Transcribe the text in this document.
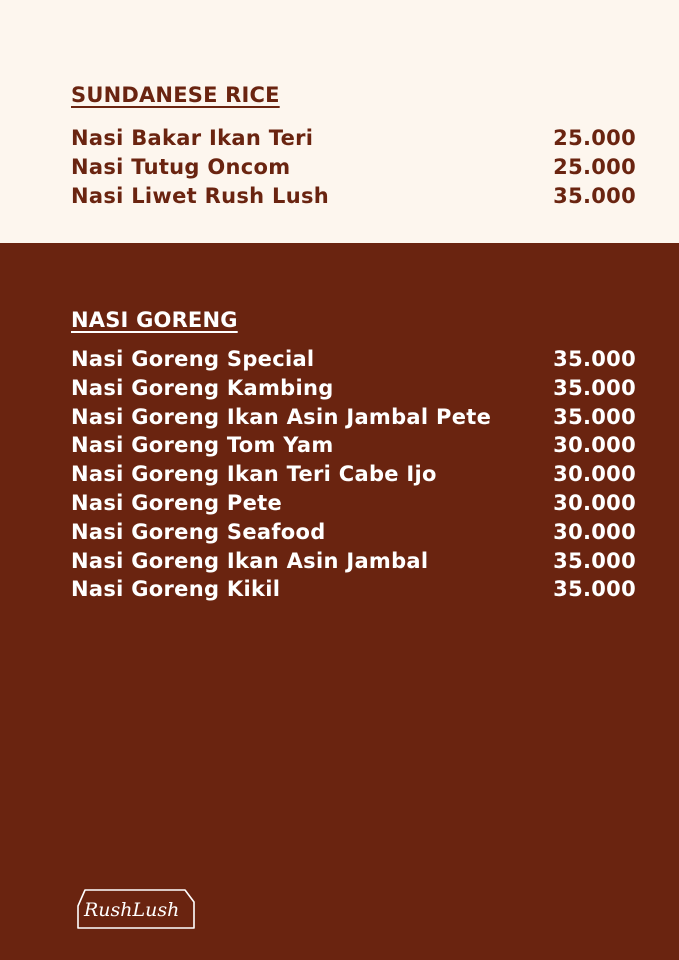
SUNDANESE RICE
Nasi Bakar Ikan Teri	25.000
Nasi Tutug Oncom	25.000
Nasi Liwet Rush Lush	35.000
NASI GORENG
Nasi Goreng Special	35.000
Nasi Goreng Kambing	35.000
Nasi Goreng Ikan Asin Jambal Pete	35.000
Nasi Goreng Tom Yam	30.000
Nasi Goreng Ikan Teri Cabe Ijo	30.000
Nasi Goreng Pete	30.000
Nasi Goreng Seafood	30.000
Nasi Goreng Ikan Asin Jambal	35.000
Nasi Goreng Kikil	35.000
RushLush
